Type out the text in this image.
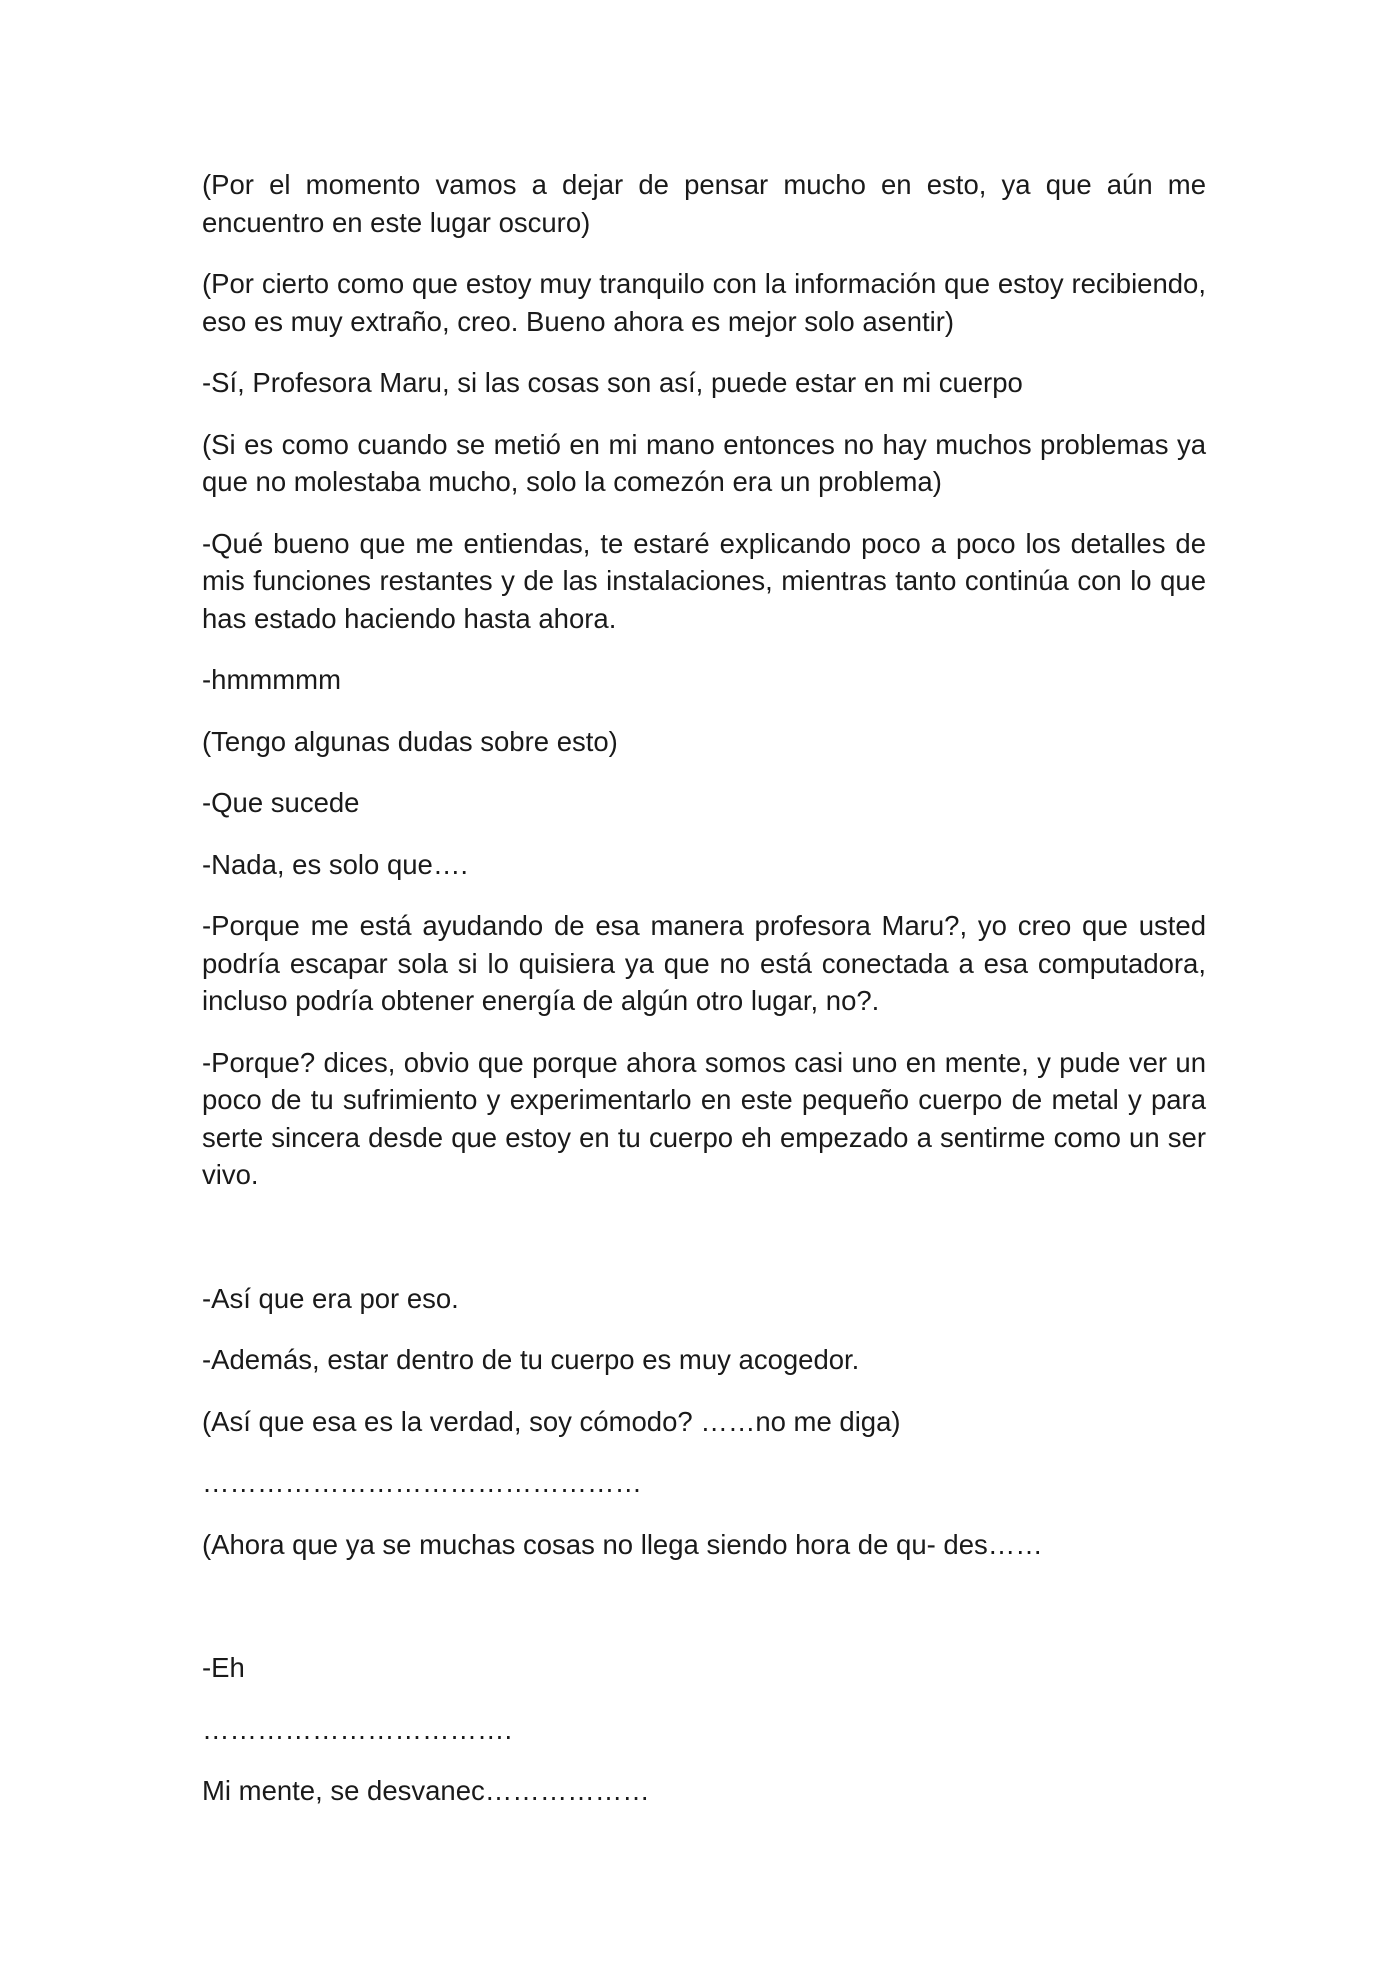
(Por el momento vamos a dejar de pensar mucho en esto, ya que aún me encuentro en este lugar oscuro)

(Por cierto como que estoy muy tranquilo con la información que estoy recibiendo, eso es muy extraño, creo. Bueno ahora es mejor solo asentir)

-Sí, Profesora Maru, si las cosas son así, puede estar en mi cuerpo

(Si es como cuando se metió en mi mano entonces no hay muchos problemas ya que no molestaba mucho, solo la comezón era un problema)

-Qué bueno que me entiendas, te estaré explicando poco a poco los detalles de mis funciones restantes y de las instalaciones, mientras tanto continúa con lo que has estado haciendo hasta ahora.

-hmmmmm

(Tengo algunas dudas sobre esto)

-Que sucede

-Nada, es solo que….

-Porque me está ayudando de esa manera profesora Maru?, yo creo que usted podría escapar sola si lo quisiera ya que no está conectada a esa computadora, incluso podría obtener energía de algún otro lugar, no?.

-Porque? dices, obvio que porque ahora somos casi uno en mente, y pude ver un poco de tu sufrimiento y experimentarlo en este pequeño cuerpo de metal y para serte sincera desde que estoy en tu cuerpo eh empezado a sentirme como un ser vivo.

-Así que era por eso.

-Además, estar dentro de tu cuerpo es muy acogedor.

(Así que esa es la verdad, soy cómodo? ……no me diga)

…………………………………………

(Ahora que ya se muchas cosas no llega siendo hora de qu- des……

-Eh

…………………………….

Mi mente, se desvanec………………
